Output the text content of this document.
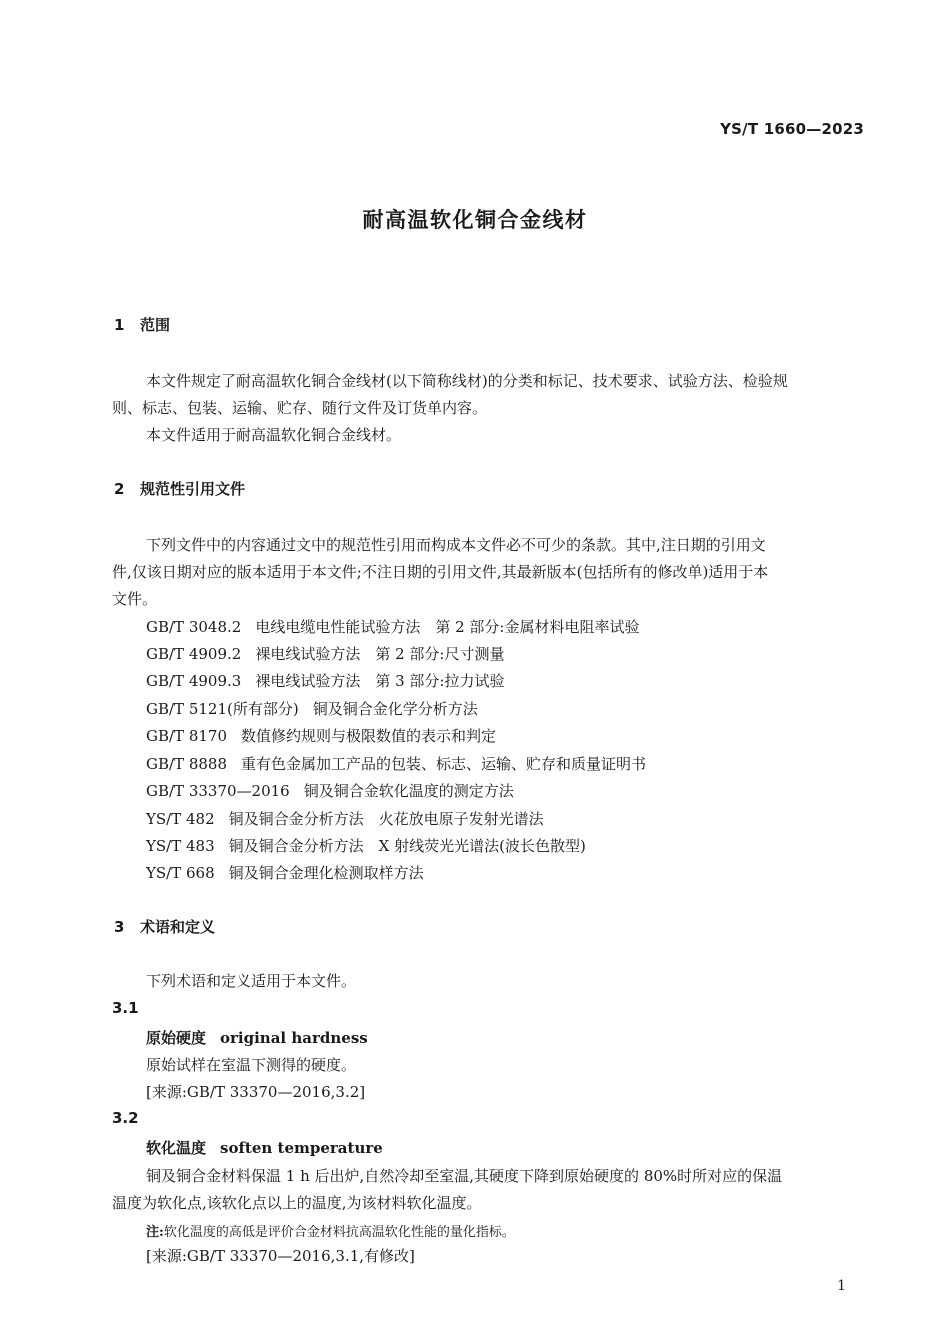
YS/T 1660—2023
耐高温软化铜合金线材
1 范围
本文件规定了耐高温软化铜合金线材(以下简称线材)的分类和标记、技术要求、试验方法、检验规
则、标志、包装、运输、贮存、随行文件及订货单内容。
本文件适用于耐高温软化铜合金线材。
2 规范性引用文件
下列文件中的内容通过文中的规范性引用而构成本文件必不可少的条款。其中,注日期的引用文
件,仅该日期对应的版本适用于本文件;不注日期的引用文件,其最新版本(包括所有的修改单)适用于本
文件。
GB/T 3048.2 电线电缆电性能试验方法　第 2 部分:金属材料电阻率试验
GB/T 4909.2 裸电线试验方法　第 2 部分:尺寸测量
GB/T 4909.3 裸电线试验方法　第 3 部分:拉力试验
GB/T 5121(所有部分) 铜及铜合金化学分析方法
GB/T 8170 数值修约规则与极限数值的表示和判定
GB/T 8888 重有色金属加工产品的包装、标志、运输、贮存和质量证明书
GB/T 33370—2016 铜及铜合金软化温度的测定方法
YS/T 482 铜及铜合金分析方法　火花放电原子发射光谱法
YS/T 483 铜及铜合金分析方法　X 射线荧光光谱法(波长色散型)
YS/T 668 铜及铜合金理化检测取样方法
3 术语和定义
下列术语和定义适用于本文件。
3.1
原始硬度 original hardness
原始试样在室温下测得的硬度。
[来源:GB/T 33370—2016,3.2]
3.2
软化温度 soften temperature
铜及铜合金材料保温 1 h 后出炉,自然冷却至室温,其硬度下降到原始硬度的 80%时所对应的保温
温度为软化点,该软化点以上的温度,为该材料软化温度。
注:软化温度的高低是评价合金材料抗高温软化性能的量化指标。
[来源:GB/T 33370—2016,3.1,有修改]
1
